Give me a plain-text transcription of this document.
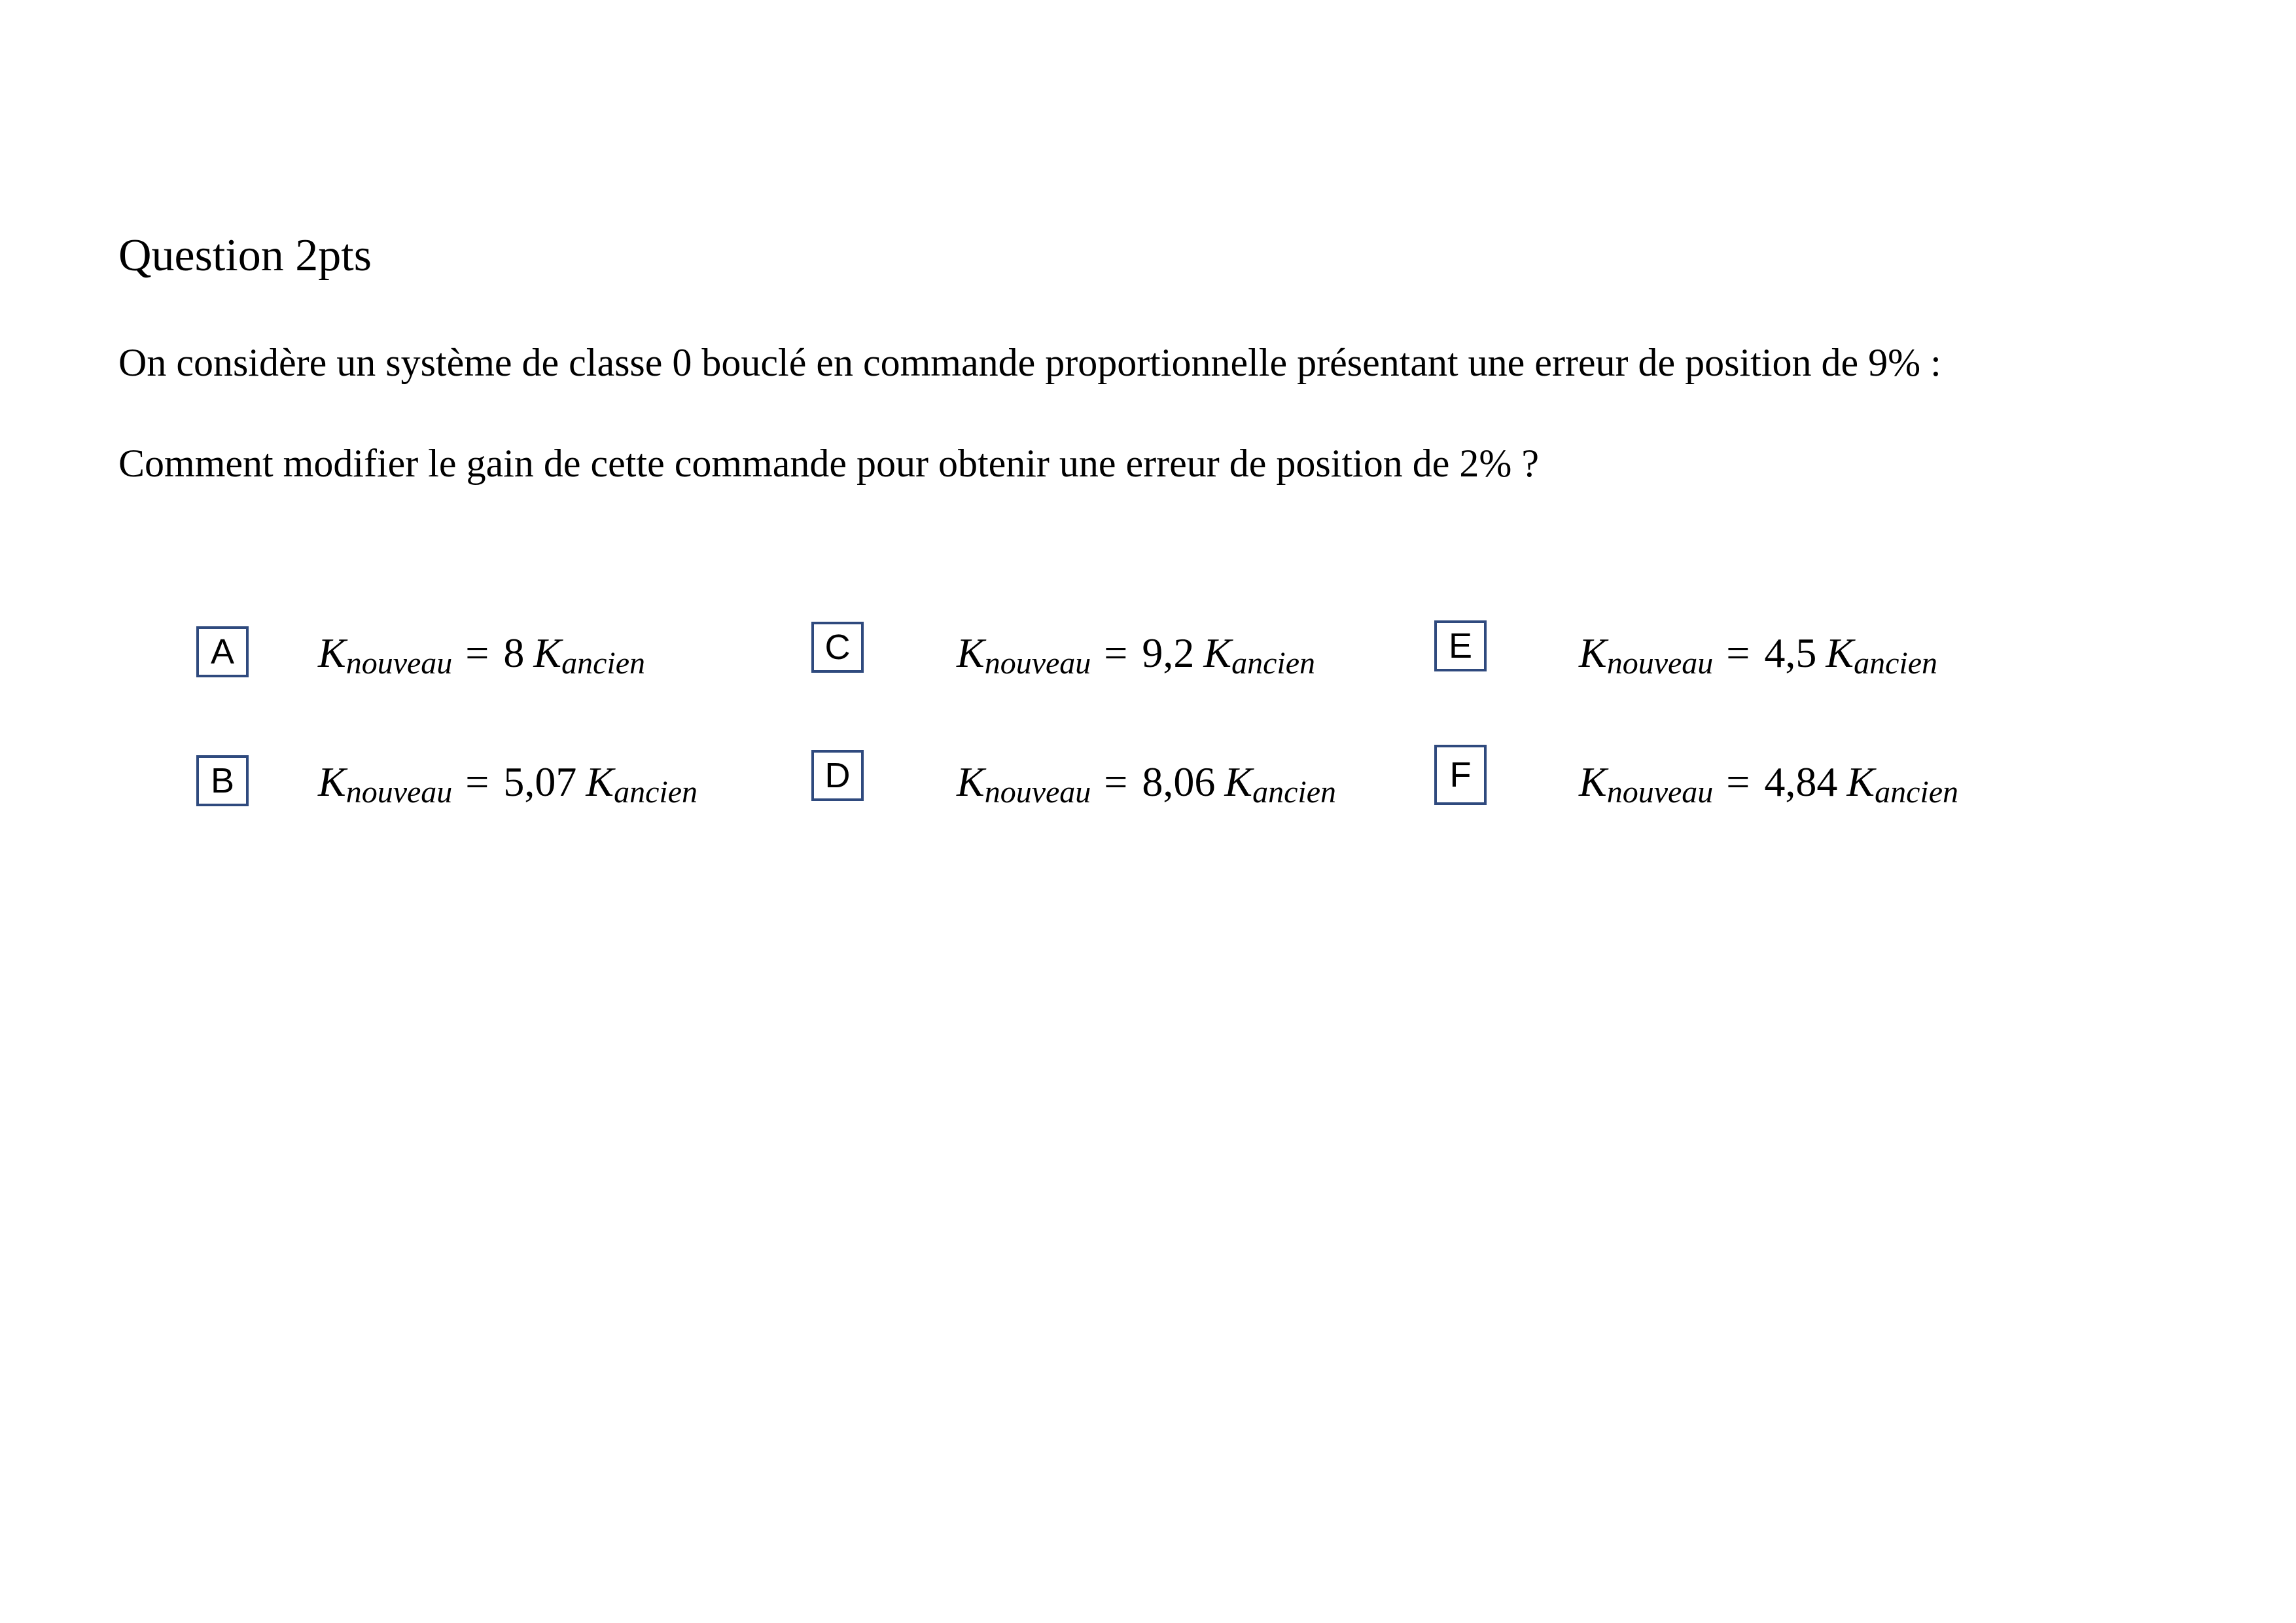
Question 2pts
On considère un système de classe 0 bouclé en commande proportionnelle présentant une erreur de position de 9% :
Comment modifier le gain de cette commande pour obtenir une erreur de position de 2% ?
A $K_{nouveau} = 8$ $K_{ancien}$
B $K_{nouveau} = 5,07$ $K_{ancien}$
C	$K_{nouveau} = 9,2$ $K_{ancien}$
D	$K_{nouveau} = 8,06$ $K_{ancien}$
E	$K_{nouveau} = 4,5$ $K_{ancien}$
F	$K_{nouveau} = 4,84$ $K_{ancien}$
